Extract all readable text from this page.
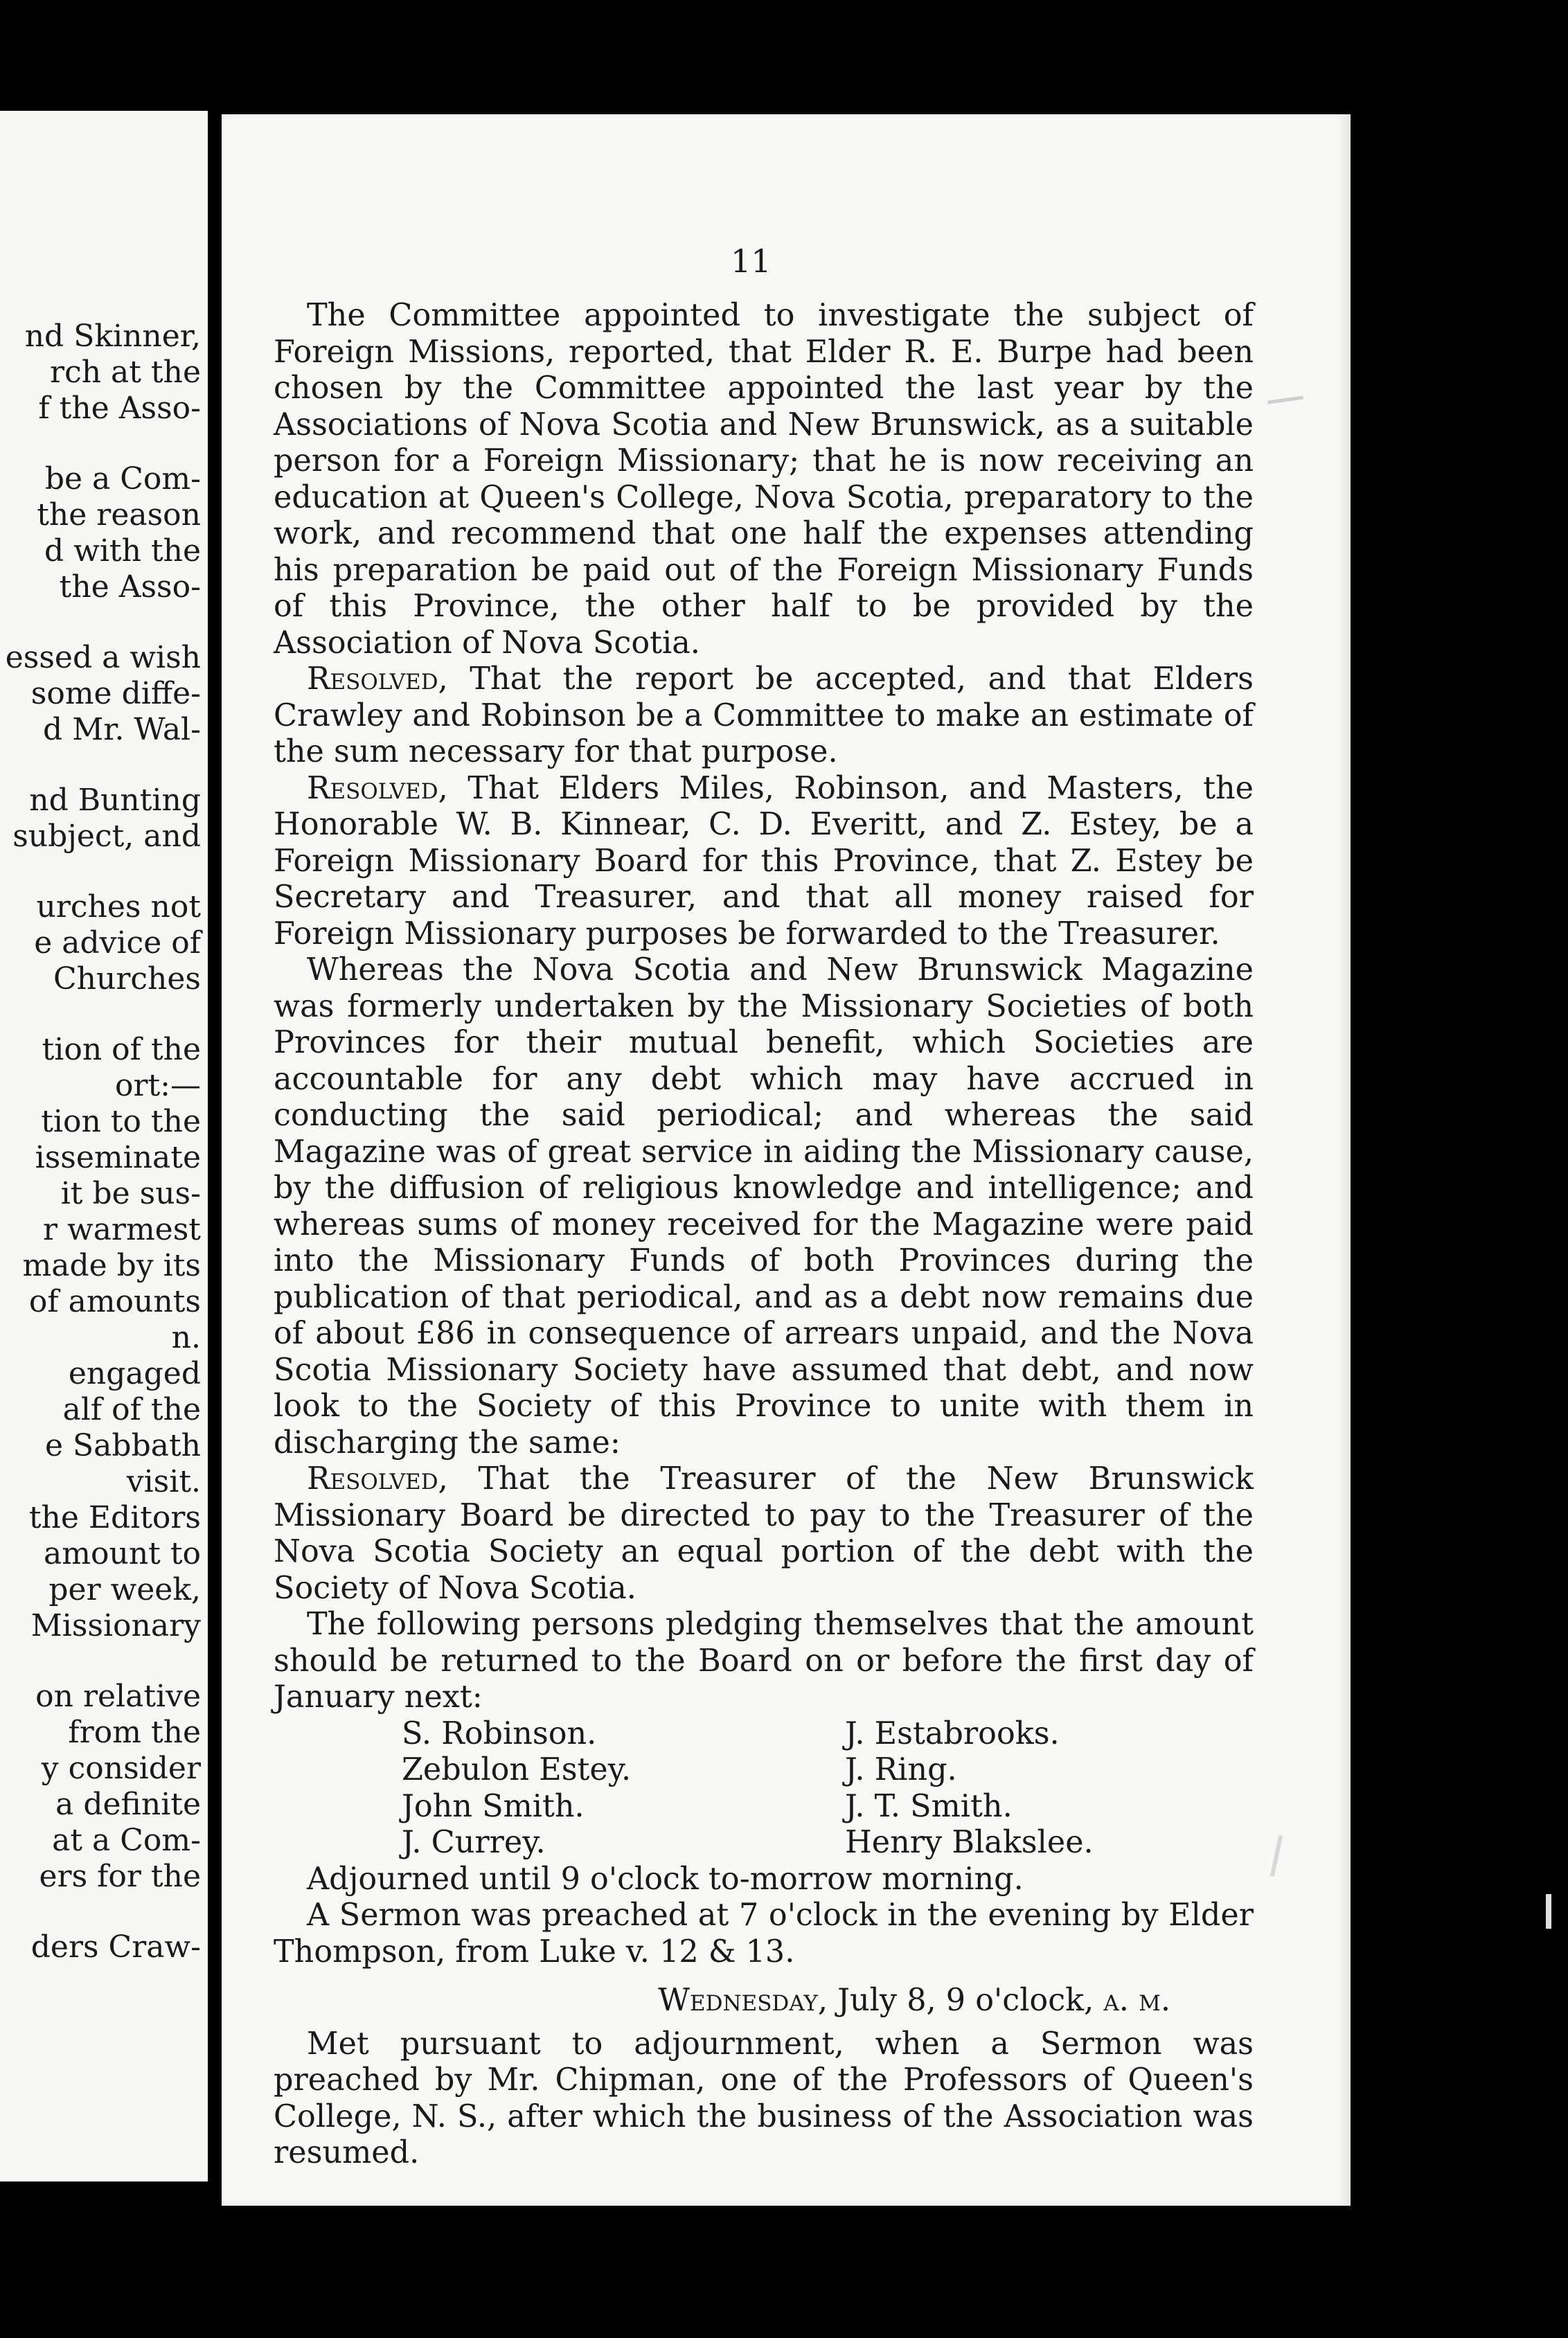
nd Skinner,
rch at the
f the Asso-
be a Com-
the reason
d with the
the Asso-
essed a wish
some diffe-
d Mr. Wal-
nd Bunting
subject, and
urches not
e advice of
Churches
tion of the
ort:—
tion to the
isseminate
it be sus-
r warmest
made by its
of amounts
n.
engaged
alf of the
e Sabbath
visit.
the Editors
amount to
per week,
Missionary
on relative
from the
y consider
a definite
at a Com-
ers for the
ders Craw-
11

The Committee appointed to investigate the subject of Foreign Missions, reported, that Elder R. E. Burpe had been chosen by the Committee appointed the last year by the Associations of Nova Scotia and New Brunswick, as a suitable person for a Foreign Missionary; that he is now receiving an education at Queen's College, Nova Scotia, preparatory to the work, and recommend that one half the expenses attending his preparation be paid out of the Foreign Missionary Funds of this Province, the other half to be provided by the Association of Nova Scotia.

Resolved, That the report be accepted, and that Elders Crawley and Robinson be a Committee to make an estimate of the sum necessary for that purpose.

Resolved, That Elders Miles, Robinson, and Masters, the Honorable W. B. Kinnear, C. D. Everitt, and Z. Estey, be a Foreign Missionary Board for this Province, that Z. Estey be Secretary and Treasurer, and that all money raised for Foreign Missionary purposes be forwarded to the Treasurer.

Whereas the Nova Scotia and New Brunswick Magazine was formerly undertaken by the Missionary Societies of both Provinces for their mutual benefit, which Societies are accountable for any debt which may have accrued in conducting the said periodical; and whereas the said Magazine was of great service in aiding the Missionary cause, by the diffusion of religious knowledge and intelligence; and whereas sums of money received for the Magazine were paid into the Missionary Funds of both Provinces during the publication of that periodical, and as a debt now remains due of about £86 in consequence of arrears unpaid, and the Nova Scotia Missionary Society have assumed that debt, and now look to the Society of this Province to unite with them in discharging the same:

Resolved, That the Treasurer of the New Brunswick Missionary Board be directed to pay to the Treasurer of the Nova Scotia Society an equal portion of the debt with the Society of Nova Scotia.

The following persons pledging themselves that the amount should be returned to the Board on or before the first day of January next:

S. Robinson.	J. Estabrooks.
Zebulon Estey.	J. Ring.
John Smith.	J. T. Smith.
J. Currey.	Henry Blakslee.

Adjourned until 9 o'clock to-morrow morning.

A Sermon was preached at 7 o'clock in the evening by Elder Thompson, from Luke v. 12 & 13.

Wednesday, July 8, 9 o'clock, a. m.

Met pursuant to adjournment, when a Sermon was preached by Mr. Chipman, one of the Professors of Queen's College, N. S., after which the business of the Association was resumed.
